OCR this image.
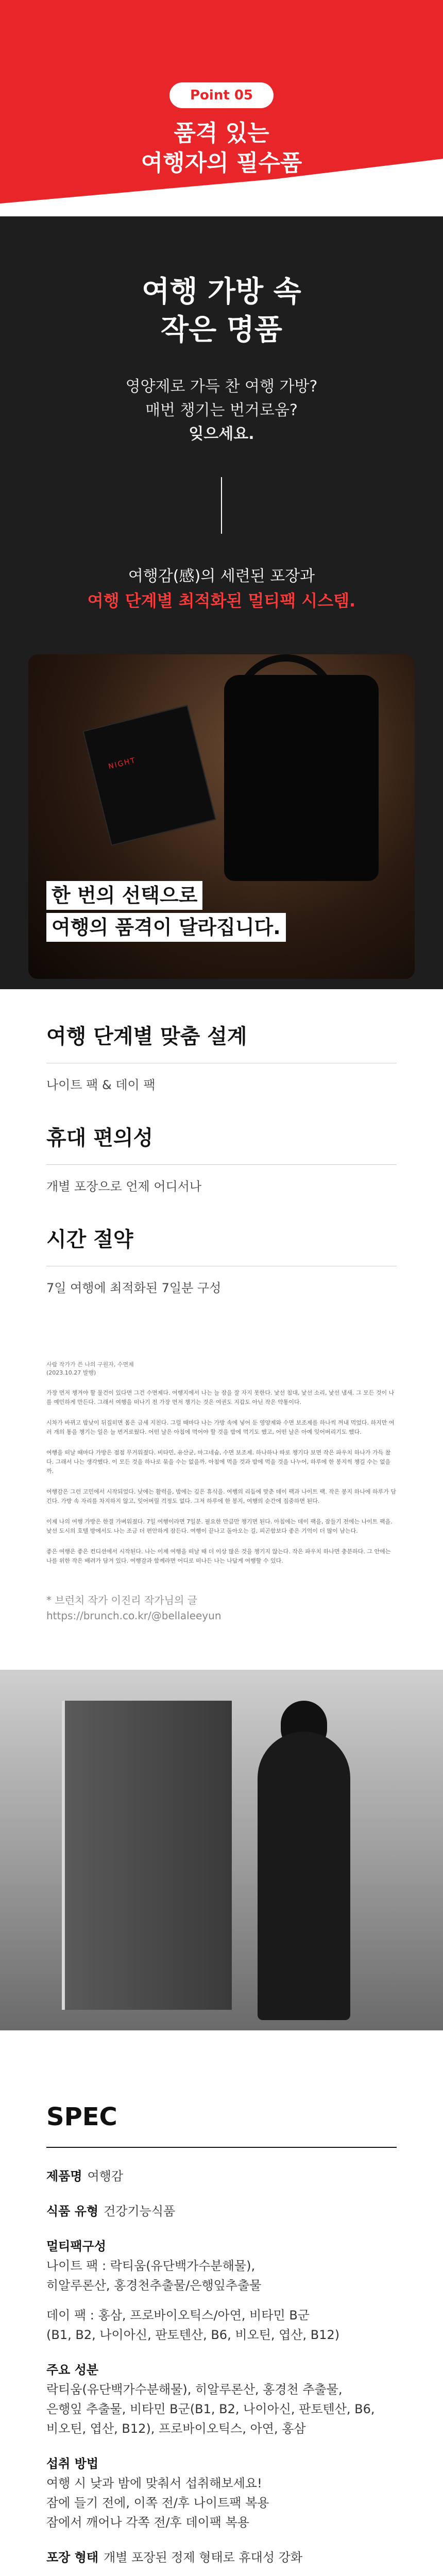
Point 05
품격 있는
여행자의 필수품
여행 가방 속
작은 명품
영양제로 가득 찬 여행 가방?
매번 챙기는 번거로움?
잊으세요.
여행감(感)의 세련된 포장과
여행 단계별 최적화된 멀티팩 시스템.
NIGHT
한 번의 선택으로
여행의 품격이 달라집니다.
여행 단계별 맞춤 설계
나이트 팩 & 데이 팩
휴대 편의성
개별 포장으로 언제 어디서나
시간 절약
7일 여행에 최적화된 7일분 구성

사람 작가가 쓴 나의 구원자, 수면제
(2023.10.27 발행)

가장 먼저 챙겨야 할 물건이 있다면 그건 수면제다. 여행지에서 나는 늘 잠을 잘 자지 못한다. 낯선 침대, 낯선 소리, 낯선 냄새. 그 모든 것이 나를 예민하게 만든다. 그래서 여행을 떠나기 전 가장 먼저 챙기는 것은 여권도 지갑도 아닌 작은 약통이다.

시차가 바뀌고 밤낮이 뒤집히면 몸은 금세 지친다. 그럴 때마다 나는 가방 속에 넣어 둔 영양제와 수면 보조제를 하나씩 꺼내 먹었다. 하지만 여러 개의 통을 챙기는 일은 늘 번거로웠다. 어떤 날은 아침에 먹어야 할 것을 밤에 먹기도 했고, 어떤 날은 아예 잊어버리기도 했다.

여행을 떠날 때마다 가방은 점점 무거워졌다. 비타민, 유산균, 마그네슘, 수면 보조제. 하나하나 따로 챙기다 보면 작은 파우치 하나가 가득 찼다. 그래서 나는 생각했다. 이 모든 것을 하나로 묶을 수는 없을까. 아침에 먹을 것과 밤에 먹을 것을 나누어, 하루에 한 봉지씩 챙길 수는 없을까.

여행감은 그런 고민에서 시작되었다. 낮에는 활력을, 밤에는 깊은 휴식을. 여행의 리듬에 맞춘 데이 팩과 나이트 팩. 작은 봉지 하나에 하루가 담긴다. 가방 속 자리를 차지하지 않고, 잊어버릴 걱정도 없다. 그저 하루에 한 봉지, 여행의 순간에 집중하면 된다.

이제 나의 여행 가방은 한결 가벼워졌다. 7일 여행이라면 7일분. 필요한 만큼만 챙기면 된다. 아침에는 데이 팩을, 잠들기 전에는 나이트 팩을. 낯선 도시의 호텔 방에서도 나는 조금 더 편안하게 잠든다. 여행이 끝나고 돌아오는 길, 피곤함보다 좋은 기억이 더 많이 남는다.

좋은 여행은 좋은 컨디션에서 시작된다. 나는 이제 여행을 떠날 때 더 이상 많은 것을 챙기지 않는다. 작은 파우치 하나면 충분하다. 그 안에는 나를 위한 작은 배려가 담겨 있다. 여행감과 함께라면 어디로 떠나든 나는 나답게 여행할 수 있다.

* 브런치 작가 이진리 작가님의 글
https://brunch.co.kr/@bellaleeyun
SPEC
제품명 여행감
식품 유형 건강기능식품
멀티팩구성
나이트 팩 : 락티움(유단백가수분해물),
히알루론산, 홍경천추출물/은행잎추출물
데이 팩 : 홍삼, 프로바이오틱스/아연, 비타민 B군
(B1, B2, 나이아신, 판토텐산, B6, 비오틴, 엽산, B12)
주요 성분
락티움(유단백가수분해물), 히알루론산, 홍경천 추출물,
은행잎 추출물, 비타민 B군(B1, B2, 나이아신, 판토텐산, B6,
비오틴, 엽산, B12), 프로바이오틱스, 아연, 홍삼
섭취 방법
여행 시 낮과 밤에 맞춰서 섭취해보세요!
잠에 들기 전에, 이쪽 전/후 나이트팩 복용
잠에서 깨어나 각쪽 전/후 데이팩 복용
포장 형태 개별 포장된 정제 형태로 휴대성 강화
